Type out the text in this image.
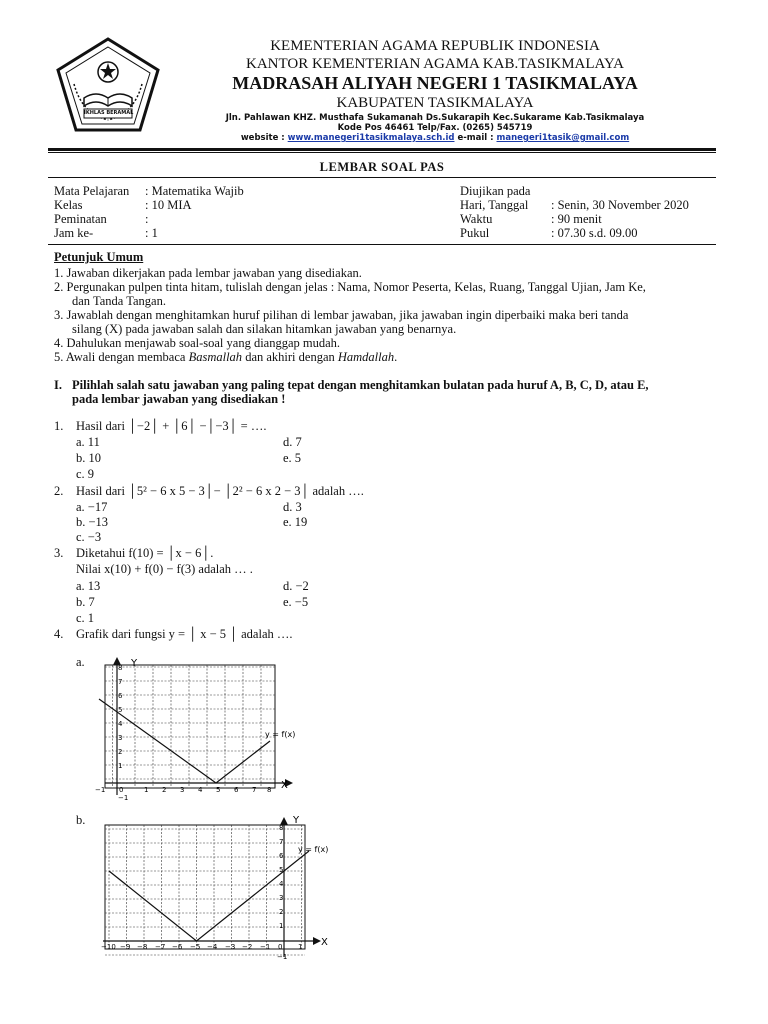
IKHLAS BERAMAL
KEMENTERIAN AGAMA REPUBLIK INDONESIA
KANTOR KEMENTERIAN AGAMA KAB.TASIKMALAYA
MADRASAH ALIYAH NEGERI 1 TASIKMALAYA
KABUPATEN TASIKMALAYA
Jln. Pahlawan KHZ. Musthafa Sukamanah Ds.Sukarapih Kec.Sukarame Kab.Tasikmalaya
Kode Pos 46461 Telp/Fax. (0265) 545719
website : www.manegeri1tasikmalaya.sch.id e-mail : manegeri1tasik@gmail.com
LEMBAR SOAL PAS
Mata Pelajaran : Matematika Wajib
Kelas	: 10 MIA
Peminatan	:
Jam ke-	: 1
Diujikan pada
Hari, Tanggal : Senin, 30 November 2020
Waktu	: 90 menit
Pukul	: 07.30 s.d. 09.00
Petunjuk Umum
1. Jawaban dikerjakan pada lembar jawaban yang disediakan.
2. Pergunakan pulpen tinta hitam, tulislah dengan jelas : Nama, Nomor Peserta, Kelas, Ruang, Tanggal Ujian, Jam Ke,
dan Tanda Tangan.
3. Jawablah dengan menghitamkan huruf pilihan di lembar jawaban, jika jawaban ingin diperbaiki maka beri tanda
silang (X) pada jawaban salah dan silakan hitamkan jawaban yang benarnya.
4. Dahulukan menjawab soal-soal yang dianggap mudah.
5. Awali dengan membaca Basmallah dan akhiri dengan Hamdallah.
I. Pilihlah salah satu jawaban yang paling tepat dengan menghitamkan bulatan pada huruf A, B, C, D, atau E,
pada lembar jawaban yang disediakan !
1. Hasil dari │−2│ + │6│ −│−3│ = ….
a. 11	d. 7
b. 10	e. 5
c. 9
2. Hasil dari │5² − 6 x 5 − 3│− │2² − 6 x 2 − 3│ adalah ….
a. −17	d. 3
b. −13	e. 19
c. −3
3. Diketahui f(10) = │x − 6│.
Nilai x(10) + f(0) − f(3) adalah … .
a. 13	d. −2
b. 7	e. −5
c. 1
4. Grafik dari fungsi y = │ x − 5 │ adalah ….
a.
b.
X
Y
y = f(x)
−1 0	1 2 3 4 5 6 7 8
8
7
6
5
4
3
2
1
−1
X
Y
y = f(x)
−10 −9 −8 −7 −6 −5 −4 −3 −2 −1 0 1
8
7
6
5
4
3
2
1
−1
